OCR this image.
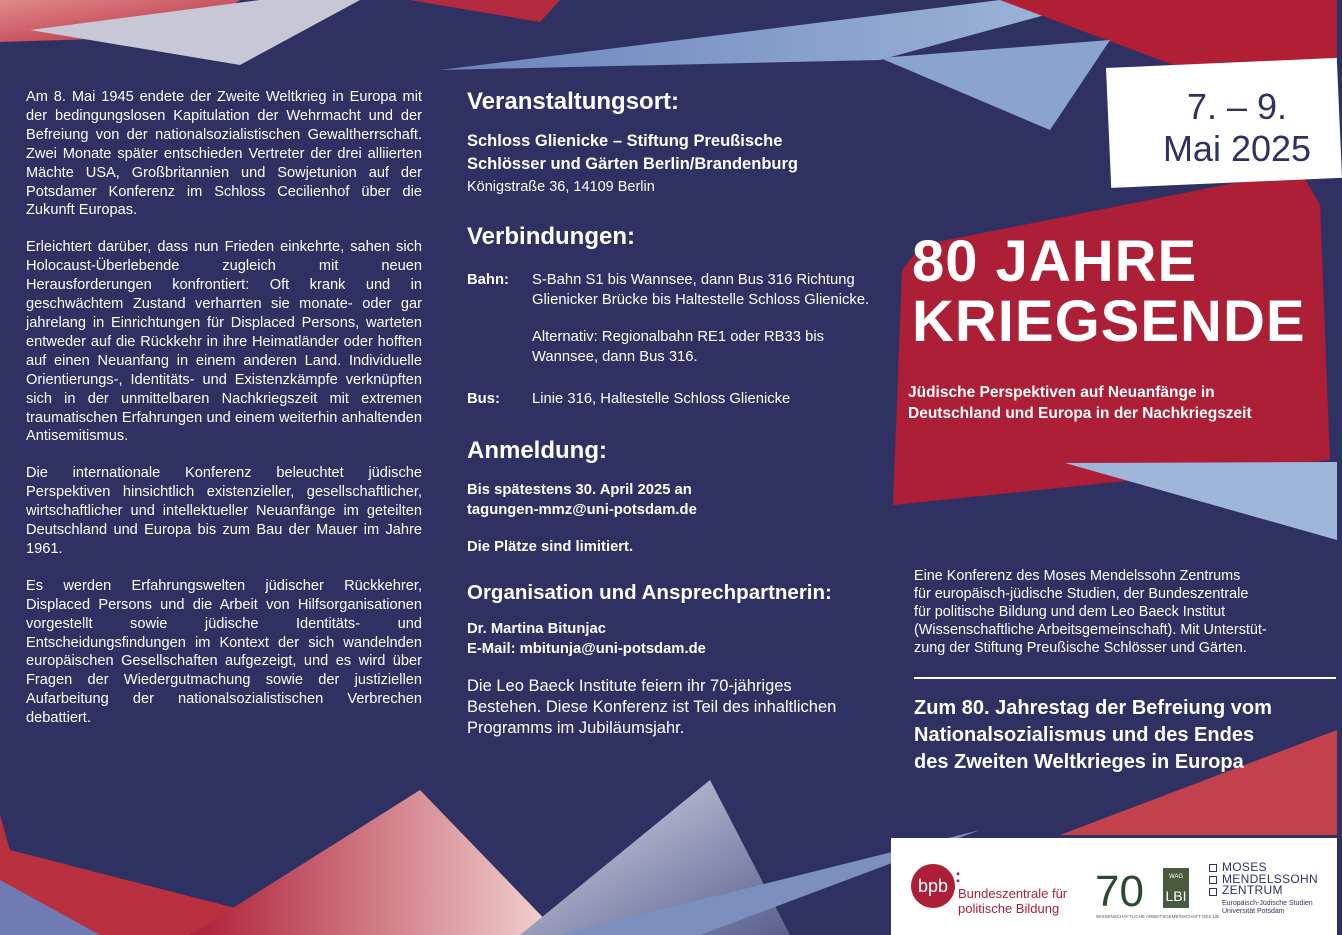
Am 8. Mai 1945 endete der Zweite Weltkrieg in Europa mit der bedingungslosen Kapitulation der Wehrmacht und der Befreiung von der nationalsozialistischen Gewaltherrschaft. Zwei Monate später entschieden Vertreter der drei alliierten Mächte USA, Großbritannien und Sowjetunion auf der Potsdamer Konferenz im Schloss Cecilienhof über die Zukunft Europas.

Erleichtert darüber, dass nun Frieden einkehrte, sahen sich Holocaust-Überlebende zugleich mit neuen Herausforderungen konfrontiert: Oft krank und in geschwächtem Zustand verharrten sie monate- oder gar jahrelang in Einrichtungen für Displaced Persons, warteten entweder auf die Rückkehr in ihre Heimatländer oder hofften auf einen Neuanfang in einem anderen Land. Individuelle Orientierungs-, Identitäts- und Existenzkämpfe verknüpften sich in der unmittelbaren Nachkriegszeit mit extremen traumatischen Erfahrungen und einem weiterhin anhaltenden Antisemitismus.

Die internationale Konferenz beleuchtet jüdische Perspektiven hinsichtlich existenzieller, gesellschaftlicher, wirtschaftlicher und intellektueller Neuanfänge im geteilten Deutschland und Europa bis zum Bau der Mauer im Jahre 1961.

Es werden Erfahrungswelten jüdischer Rückkehrer, Displaced Persons und die Arbeit von Hilfsorganisationen vorgestellt sowie jüdische Identitäts- und Entscheidungsfindungen im Kontext der sich wandelnden europäischen Gesellschaften aufgezeigt, und es wird über Fragen der Wiedergutmachung sowie der justiziellen Aufarbeitung der nationalsozialistischen Verbrechen debattiert.

Veranstaltungsort:
Schloss Glienicke – Stiftung Preußische
Schlösser und Gärten Berlin/Brandenburg
Königstraße 36, 14109 Berlin
Verbindungen:
Bahn:	S-Bahn S1 bis Wannsee, dann Bus 316 Richtung Glienicker Brücke bis Haltestelle Schloss Glienicke.
Alternativ: Regionalbahn RE1 oder RB33 bis Wannsee, dann Bus 316.

Bus:	Linie 316, Haltestelle Schloss Glienicke
Anmeldung:
Bis spätestens 30. April 2025 an
tagungen-mmz@uni-potsdam.de
Die Plätze sind limitiert.
Organisation und Ansprechpartnerin:
Dr. Martina Bitunjac
E-Mail: mbitunja@uni-potsdam.de
Die Leo Baeck Institute feiern ihr 70-jähriges
Bestehen. Diese Konferenz ist Teil des inhaltlichen
Programms im Jubiläumsjahr.
7. – 9.
Mai 2025
80 JAHRE
KRIEGSENDE
Jüdische Perspektiven auf Neuanfänge in
Deutschland und Europa in der Nachkriegszeit
Eine Konferenz des Moses Mendelssohn Zentrums
für europäisch-jüdische Studien, der Bundeszentrale
für politische Bildung und dem Leo Baeck Institut
(Wissenschaftliche Arbeitsgemeinschaft). Mit Unterstüt-
zung der Stiftung Preußische Schlösser und Gärten.
Zum 80. Jahrestag der Befreiung vom
Nationalsozialismus und des Endes
des Zweiten Weltkrieges in Europa
bpb :
Bundeszentrale für
politische Bildung 70	WAG
LBI
WISSENSCHAFTLICHE ARBEITSGEMEINSCHAFT DES LBI
MOSES
MENDELSSOHN
ZENTRUM
Europäisch-Jüdische Studien
Universität Potsdam
